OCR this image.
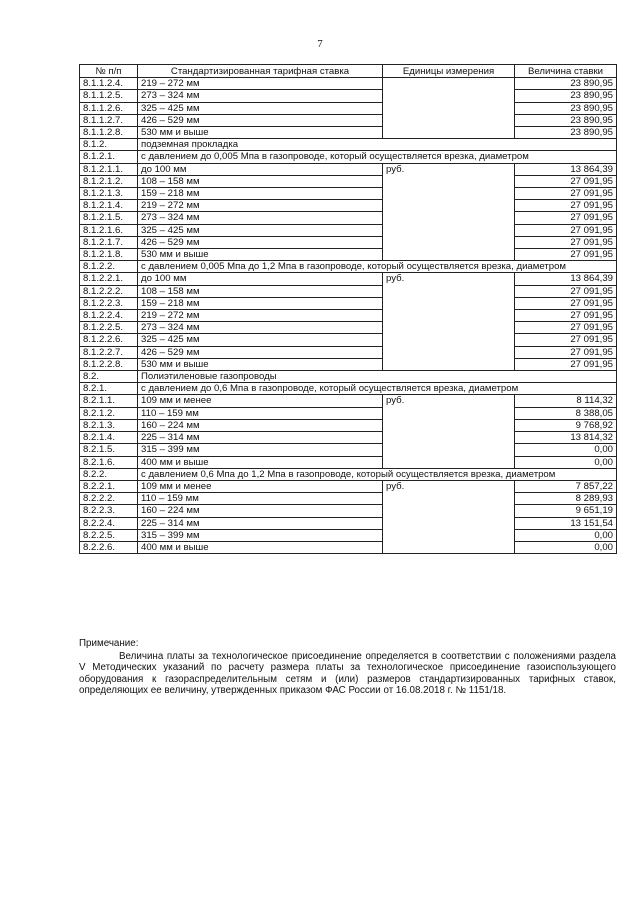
7
№ п/п	Стандартизированная тарифная ставка	Единицы измерения	Величина ставки
8.1.1.2.4.	219 – 272 мм		23 890,95
8.1.1.2.5.	273 – 324 мм		23 890,95
8.1.1.2.6.	325 – 425 мм		23 890,95
8.1.1.2.7.	426 – 529 мм		23 890,95
8.1.1.2.8.	530 мм и выше		23 890,95
8.1.2.	подземная прокладка		
8.1.2.1.	с давлением до 0,005 Мпа в газопроводе, который осуществляется врезка, диаметром		
8.1.2.1.1.	до 100 мм	руб.	13 864,39
8.1.2.1.2.	108 – 158 мм		27 091,95
8.1.2.1.3.	159 – 218 мм		27 091,95
8.1.2.1.4.	219 – 272 мм		27 091,95
8.1.2.1.5.	273 – 324 мм		27 091,95
8.1.2.1.6.	325 – 425 мм		27 091,95
8.1.2.1.7.	426 – 529 мм		27 091,95
8.1.2.1.8.	530 мм и выше		27 091,95
8.1.2.2.	с давлением 0,005 Мпа до 1,2 Мпа в газопроводе, который осуществляется врезка, диаметром		
8.1.2.2.1.	до 100 мм	руб.	13 864,39
8.1.2.2.2.	108 – 158 мм		27 091,95
8.1.2.2.3.	159 – 218 мм		27 091,95
8.1.2.2.4.	219 – 272 мм		27 091,95
8.1.2.2.5.	273 – 324 мм		27 091,95
8.1.2.2.6.	325 – 425 мм		27 091,95
8.1.2.2.7.	426 – 529 мм		27 091,95
8.1.2.2.8.	530 мм и выше		27 091,95
8.2.	Полиэтиленовые газопроводы		
8.2.1.	с давлением до 0,6 Мпа в газопроводе, который осуществляется врезка, диаметром		
8.2.1.1.	109 мм и менее	руб.	8 114,32
8.2.1.2.	110 – 159 мм		8 388,05
8.2.1.3.	160 – 224 мм		9 768,92
8.2.1.4.	225 – 314 мм		13 814,32
8.2.1.5.	315 – 399 мм		0,00
8.2.1.6.	400 мм и выше		0,00
8.2.2.	с давлением 0,6 Мпа до 1,2 Мпа в газопроводе, который осуществляется врезка, диаметром		
8.2.2.1.	109 мм и менее	руб.	7 857,22
8.2.2.2.	110 – 159 мм		8 289,93
8.2.2.3.	160 – 224 мм		9 651,19
8.2.2.4.	225 – 314 мм		13 151,54
8.2.2.5.	315 – 399 мм		0,00
8.2.2.6.	400 мм и выше		0,00

Примечание:

Величина платы за технологическое присоединение определяется в соответствии с положениями раздела V Методических указаний по расчету размера платы за технологическое присоединение газоиспользующего оборудования к газораспределительным сетям и (или) размеров стандартизированных тарифных ставок, определяющих ее величину, утвержденных приказом ФАС России от 16.08.2018 г. № 1151/18.
